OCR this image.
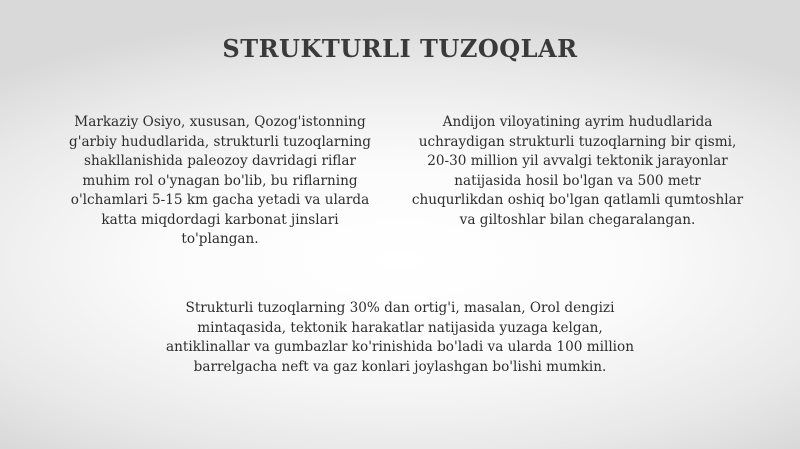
STRUKTURLI TUZOQLAR
Markaziy Osiyo, xususan, Qozog'istonning
g'arbiy hududlarida, strukturli tuzoqlarning
shakllanishida paleozoy davridagi riflar
muhim rol o'ynagan bo'lib, bu riflarning
o'lchamlari 5-15 km gacha yetadi va ularda
katta miqdordagi karbonat jinslari
to'plangan.
Andijon viloyatining ayrim hududlarida
uchraydigan strukturli tuzoqlarning bir qismi,
20-30 million yil avvalgi tektonik jarayonlar
natijasida hosil bo'lgan va 500 metr
chuqurlikdan oshiq bo'lgan qatlamli qumtoshlar
va giltoshlar bilan chegaralangan.
Strukturli tuzoqlarning 30% dan ortig'i, masalan, Orol dengizi
mintaqasida, tektonik harakatlar natijasida yuzaga kelgan,
antiklinallar va gumbazlar ko'rinishida bo'ladi va ularda 100 million
barrelgacha neft va gaz konlari joylashgan bo'lishi mumkin.
